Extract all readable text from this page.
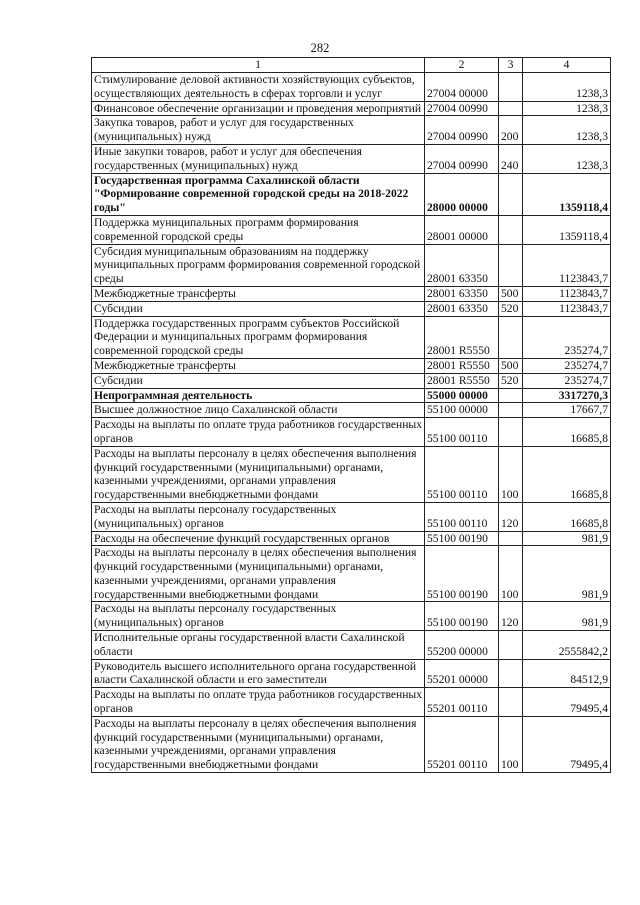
282
1	2	3	4
Стимулирование деловой активности хозяйствующих субъектов, осуществляющих деятельность в сферах торговли и услуг	27004 00000		1238,3
Финансовое обеспечение организации и проведения мероприятий	27004 00990		1238,3
Закупка товаров, работ и услуг для государственных (муниципальных) нужд	27004 00990	200	1238,3
Иные закупки товаров, работ и услуг для обеспечения государственных (муниципальных) нужд	27004 00990	240	1238,3
Государственная программа Сахалинской области "Формирование современной городской среды на 2018-2022 годы"	28000 00000		1359118,4
Поддержка муниципальных программ формирования современной городской среды	28001 00000		1359118,4
Субсидия муниципальным образованиям на поддержку муниципальных программ формирования современной городской среды	28001 63350		1123843,7
Межбюджетные трансферты	28001 63350	500	1123843,7
Субсидии	28001 63350	520	1123843,7
Поддержка государственных программ субъектов Российской Федерации и муниципальных программ формирования современной городской среды	28001 R5550		235274,7
Межбюджетные трансферты	28001 R5550	500	235274,7
Субсидии	28001 R5550	520	235274,7
Непрограммная деятельность	55000 00000		3317270,3
Высшее должностное лицо Сахалинской области	55100 00000		17667,7
Расходы на выплаты по оплате труда работников государственных органов	55100 00110		16685,8
Расходы на выплаты персоналу в целях обеспечения выполнения функций государственными (муниципальными) органами, казенными учреждениями, органами управления государственными внебюджетными фондами	55100 00110	100	16685,8
Расходы на выплаты персоналу государственных (муниципальных) органов	55100 00110	120	16685,8
Расходы на обеспечение функций государственных органов	55100 00190		981,9
Расходы на выплаты персоналу в целях обеспечения выполнения функций государственными (муниципальными) органами, казенными учреждениями, органами управления государственными внебюджетными фондами	55100 00190	100	981,9
Расходы на выплаты персоналу государственных (муниципальных) органов	55100 00190	120	981,9
Исполнительные органы государственной власти Сахалинской области	55200 00000		2555842,2
Руководитель высшего исполнительного органа государственной власти Сахалинской области и его заместители	55201 00000		84512,9
Расходы на выплаты по оплате труда работников государственных органов	55201 00110		79495,4
Расходы на выплаты персоналу в целях обеспечения выполнения функций государственными (муниципальными) органами, казенными учреждениями, органами управления государственными внебюджетными фондами	55201 00110	100	79495,4
